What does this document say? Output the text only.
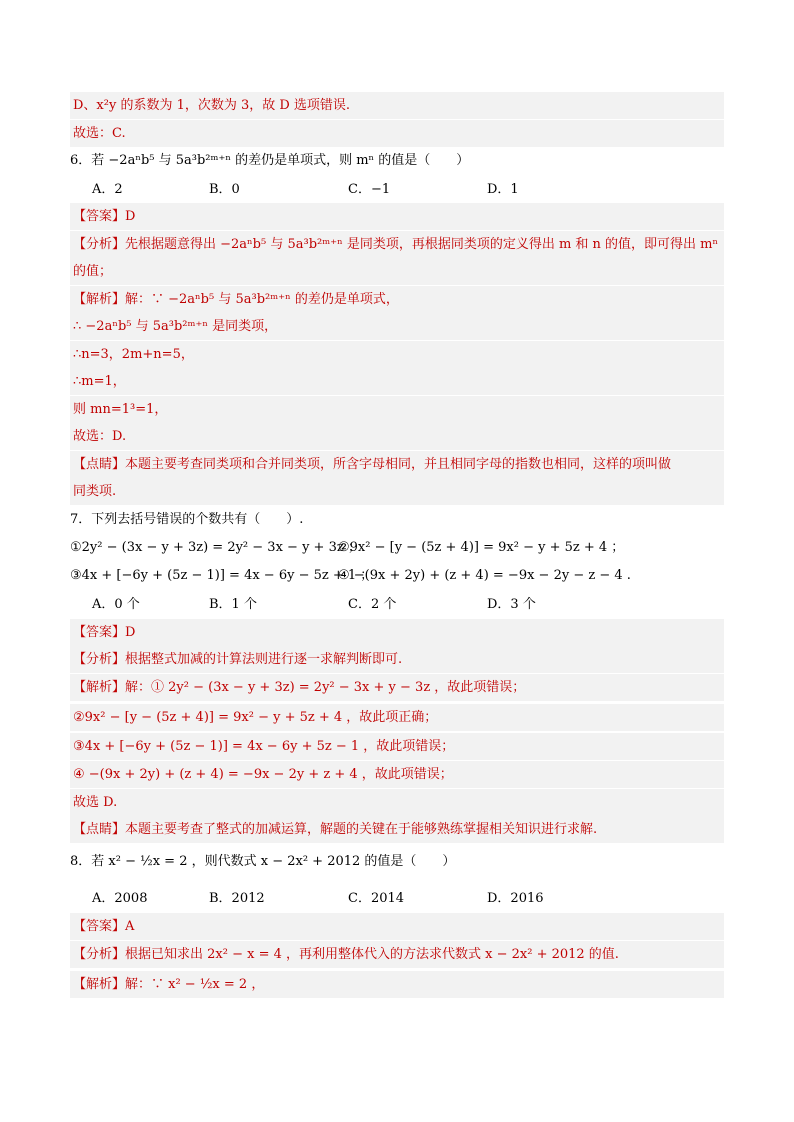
D、x²y 的系数为 1，次数为 3，故 D 选项错误.
故选：C.
6．若 −2aⁿb⁵ 与 5a³b²ᵐ⁺ⁿ 的差仍是单项式，则 mⁿ 的值是（　　）
【答案】D
【分析】先根据题意得出 −2aⁿb⁵ 与 5a³b²ᵐ⁺ⁿ 是同类项，再根据同类项的定义得出 m 和 n 的值，即可得出 mⁿ
的值；
【解析】解：∵ −2aⁿb⁵ 与 5a³b²ᵐ⁺ⁿ 的差仍是单项式，
∴ −2aⁿb⁵ 与 5a³b²ᵐ⁺ⁿ 是同类项，
∴n=3，2m+n=5，
∴m=1，
则 mn=1³=1，
故选：D.
【点睛】本题主要考查同类项和合并同类项，所含字母相同，并且相同字母的指数也相同，这样的项叫做
同类项.
7．下列去括号错误的个数共有（　　）.
【答案】D
【分析】根据整式加减的计算法则进行逐一求解判断即可.
【解析】解：① 2y² − (3x − y + 3z) = 2y² − 3x + y − 3z ，故此项错误；
②9x² − [y − (5z + 4)] = 9x² − y + 5z + 4 ，故此项正确；
③4x + [−6y + (5z − 1)] = 4x − 6y + 5z − 1 ，故此项错误；
④ −(9x + 2y) + (z + 4) = −9x − 2y + z + 4 ，故此项错误；
故选 D.
【点睛】本题主要考查了整式的加减运算，解题的关键在于能够熟练掌握相关知识进行求解.
8．若 x² − ½x = 2 ，则代数式 x − 2x² + 2012 的值是（　　）
【答案】A
【分析】根据已知求出 2x² − x = 4 ，再利用整体代入的方法求代数式 x − 2x² + 2012 的值.
【解析】解：∵ x² − ½x = 2 ，
①2y² − (3x − y + 3z) = 2y² − 3x − y + 3z ；
②9x² − [y − (5z + 4)] = 9x² − y + 5z + 4 ；
③4x + [−6y + (5z − 1)] = 4x − 6y − 5z + 1 ；
④ −(9x + 2y) + (z + 4) = −9x − 2y − z − 4 .
A．2	B．0	C．−1	D．1
A．0 个	B．1 个	C．2 个	D．3 个
A．2008	B．2012	C．2014	D．2016
